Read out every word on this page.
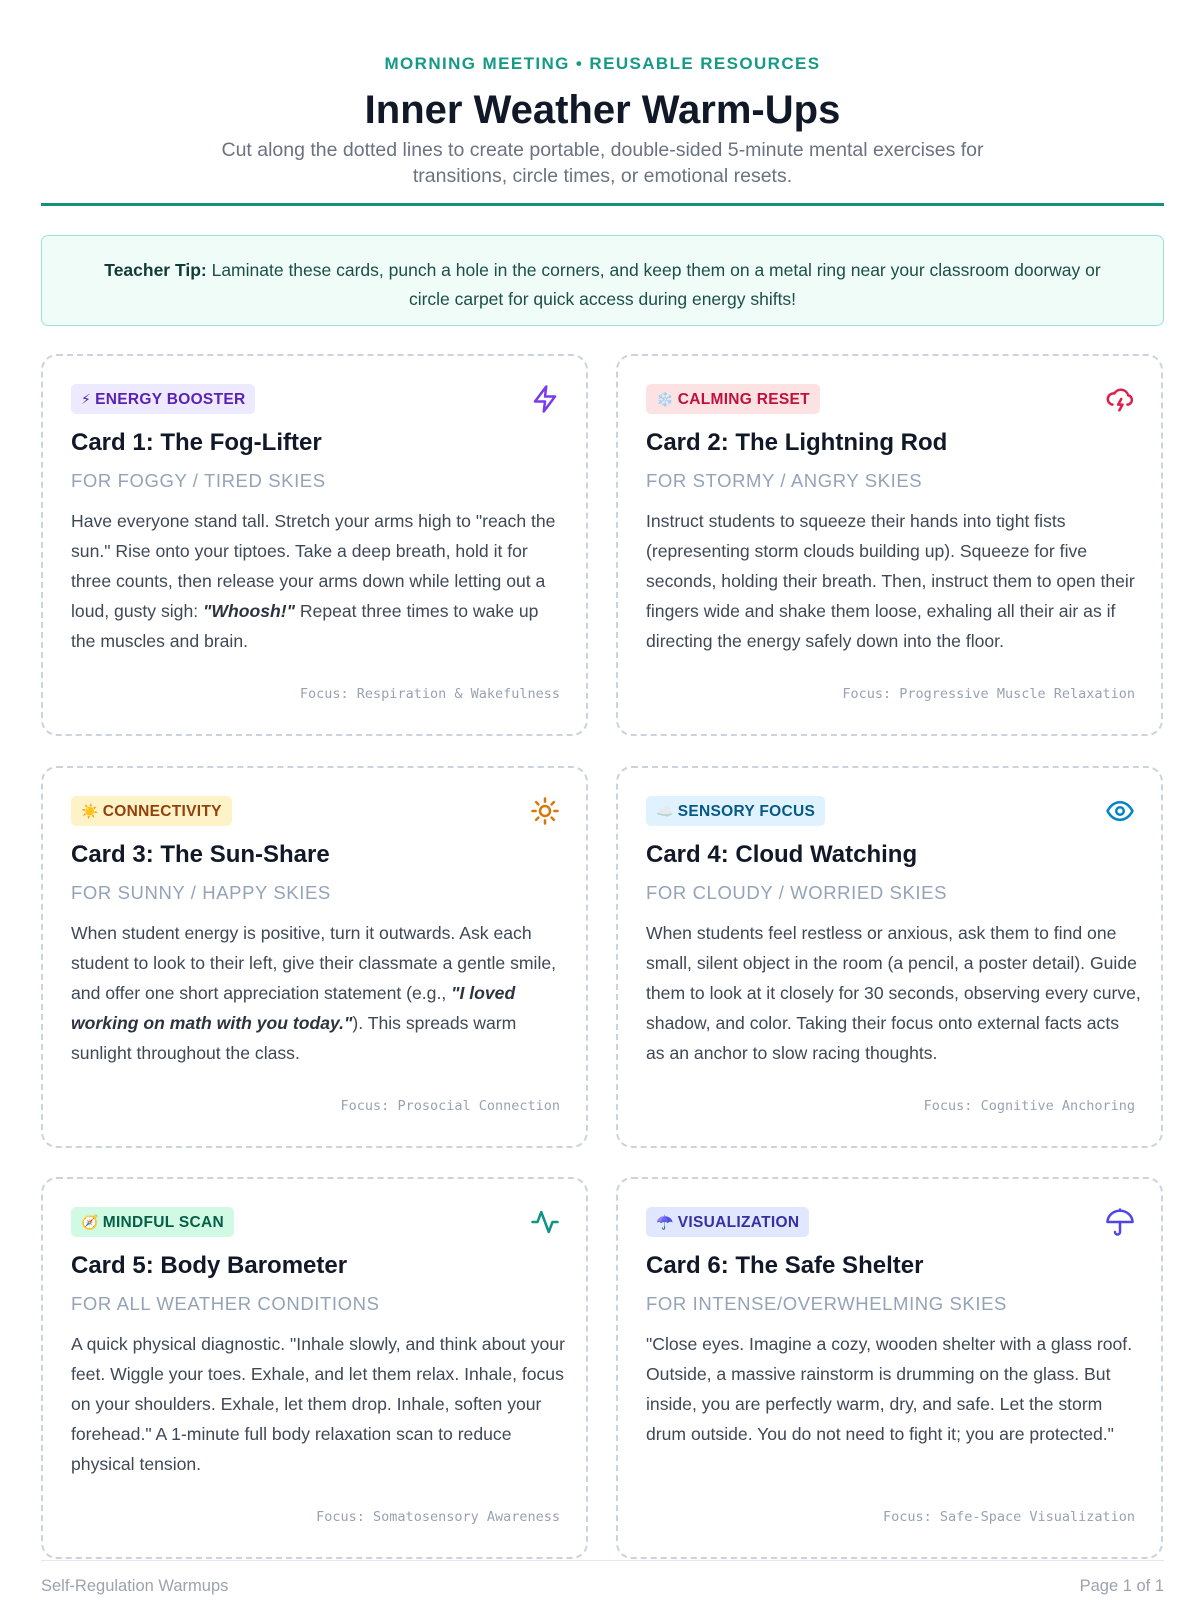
MORNING MEETING • REUSABLE RESOURCES
Inner Weather Warm-Ups
Cut along the dotted lines to create portable, double-sided 5-minute mental exercises for transitions, circle times, or emotional resets.
Teacher Tip: Laminate these cards, punch a hole in the corners, and keep them on a metal ring near your classroom doorway or circle carpet for quick access during energy shifts!
⚡ ENERGY BOOSTER
Card 1: The Fog-Lifter
FOR FOGGY / TIRED SKIES
Have everyone stand tall. Stretch your arms high to "reach the sun." Rise onto your tiptoes. Take a deep breath, hold it for three counts, then release your arms down while letting out a loud, gusty sigh: "Whoosh!" Repeat three times to wake up the muscles and brain.
Focus: Respiration & Wakefulness
❄️ CALMING RESET
Card 2: The Lightning Rod
FOR STORMY / ANGRY SKIES
Instruct students to squeeze their hands into tight fists (representing storm clouds building up). Squeeze for five seconds, holding their breath. Then, instruct them to open their fingers wide and shake them loose, exhaling all their air as if directing the energy safely down into the floor.
Focus: Progressive Muscle Relaxation
☀️ CONNECTIVITY
Card 3: The Sun-Share
FOR SUNNY / HAPPY SKIES
When student energy is positive, turn it outwards. Ask each student to look to their left, give their classmate a gentle smile, and offer one short appreciation statement (e.g., "I loved working on math with you today."). This spreads warm sunlight throughout the class.
Focus: Prosocial Connection
☁️ SENSORY FOCUS
Card 4: Cloud Watching
FOR CLOUDY / WORRIED SKIES
When students feel restless or anxious, ask them to find one small, silent object in the room (a pencil, a poster detail). Guide them to look at it closely for 30 seconds, observing every curve, shadow, and color. Taking their focus onto external facts acts as an anchor to slow racing thoughts.
Focus: Cognitive Anchoring
🧭 MINDFUL SCAN
Card 5: Body Barometer
FOR ALL WEATHER CONDITIONS
A quick physical diagnostic. "Inhale slowly, and think about your feet. Wiggle your toes. Exhale, and let them relax. Inhale, focus on your shoulders. Exhale, let them drop. Inhale, soften your forehead." A 1-minute full body relaxation scan to reduce physical tension.
Focus: Somatosensory Awareness
☂️ VISUALIZATION
Card 6: The Safe Shelter
FOR INTENSE/OVERWHELMING SKIES
"Close eyes. Imagine a cozy, wooden shelter with a glass roof. Outside, a massive rainstorm is drumming on the glass. But inside, you are perfectly warm, dry, and safe. Let the storm drum outside. You do not need to fight it; you are protected."
Focus: Safe-Space Visualization
Self-Regulation Warmups	Page 1 of 1
